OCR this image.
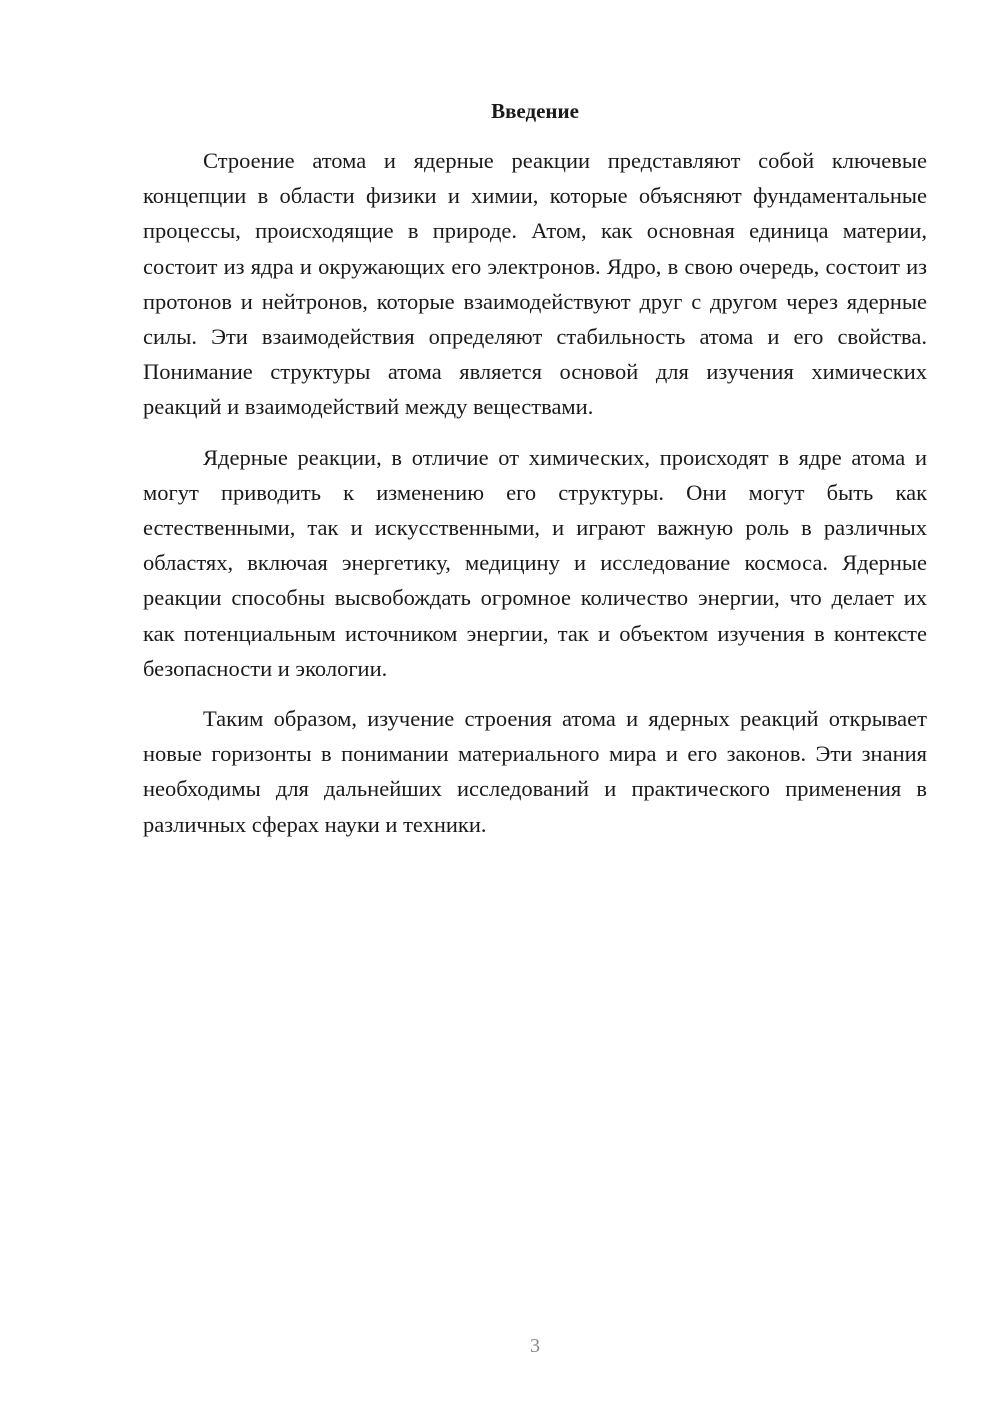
Введение

Строение атома и ядерные реакции представляют собой ключевые концепции в области физики и химии, которые объясняют фундаментальные процессы, происходящие в природе. Атом, как основная единица материи, состоит из ядра и окружающих его электронов. Ядро, в свою очередь, состоит из протонов и нейтронов, которые взаимодействуют друг с другом через ядерные силы. Эти взаимодействия определяют стабильность атома и его свойства. Понимание структуры атома является основой для изучения химических реакций и взаимодействий между веществами.

Ядерные реакции, в отличие от химических, происходят в ядре атома и могут приводить к изменению его структуры. Они могут быть как естественными, так и искусственными, и играют важную роль в различных областях, включая энергетику, медицину и исследование космоса. Ядерные реакции способны высвобождать огромное количество энергии, что делает их как потенциальным источником энергии, так и объектом изучения в контексте безопасности и экологии.

Таким образом, изучение строения атома и ядерных реакций открывает новые горизонты в понимании материального мира и его законов. Эти знания необходимы для дальнейших исследований и практического применения в различных сферах науки и техники.

3
